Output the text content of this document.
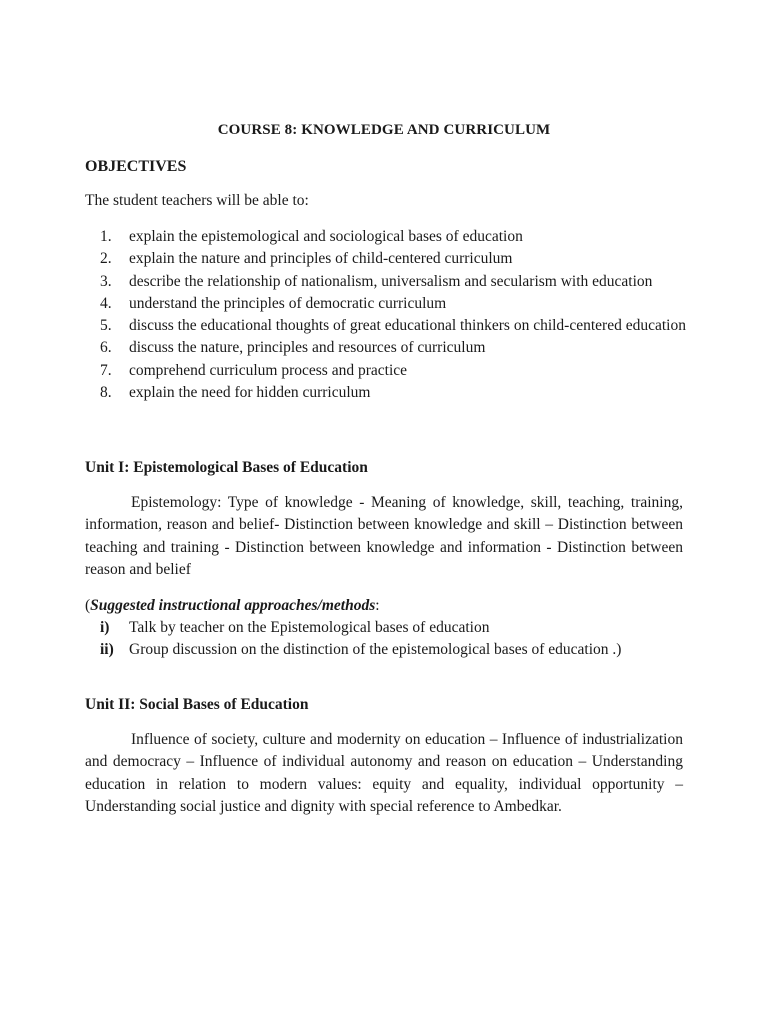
COURSE 8: KNOWLEDGE AND CURRICULUM
OBJECTIVES
The student teachers will be able to:
1.	explain the epistemological and sociological bases of education
2.	explain the nature and principles of child-centered curriculum
3.	describe the relationship of nationalism, universalism and secularism with education
4.	understand the principles of democratic curriculum
5.	discuss the educational thoughts of great educational thinkers on child-centered education
6.	discuss the nature, principles and resources of curriculum
7.	comprehend curriculum process and practice
8.	explain the need for hidden curriculum
Unit I: Epistemological Bases of Education
Epistemology: Type of knowledge - Meaning of knowledge, skill, teaching, training, information, reason and belief- Distinction between knowledge and skill – Distinction between teaching and training - Distinction between knowledge and information - Distinction between reason and belief
(Suggested instructional approaches/methods:
i)	Talk by teacher on the Epistemological bases of education
ii) Group discussion on the distinction of the epistemological bases of education .)
Unit II: Social Bases of Education
Influence of society, culture and modernity on education – Influence of industrialization and democracy – Influence of individual autonomy and reason on education – Understanding education in relation to modern values: equity and equality, individual opportunity – Understanding social justice and dignity with special reference to Ambedkar.
